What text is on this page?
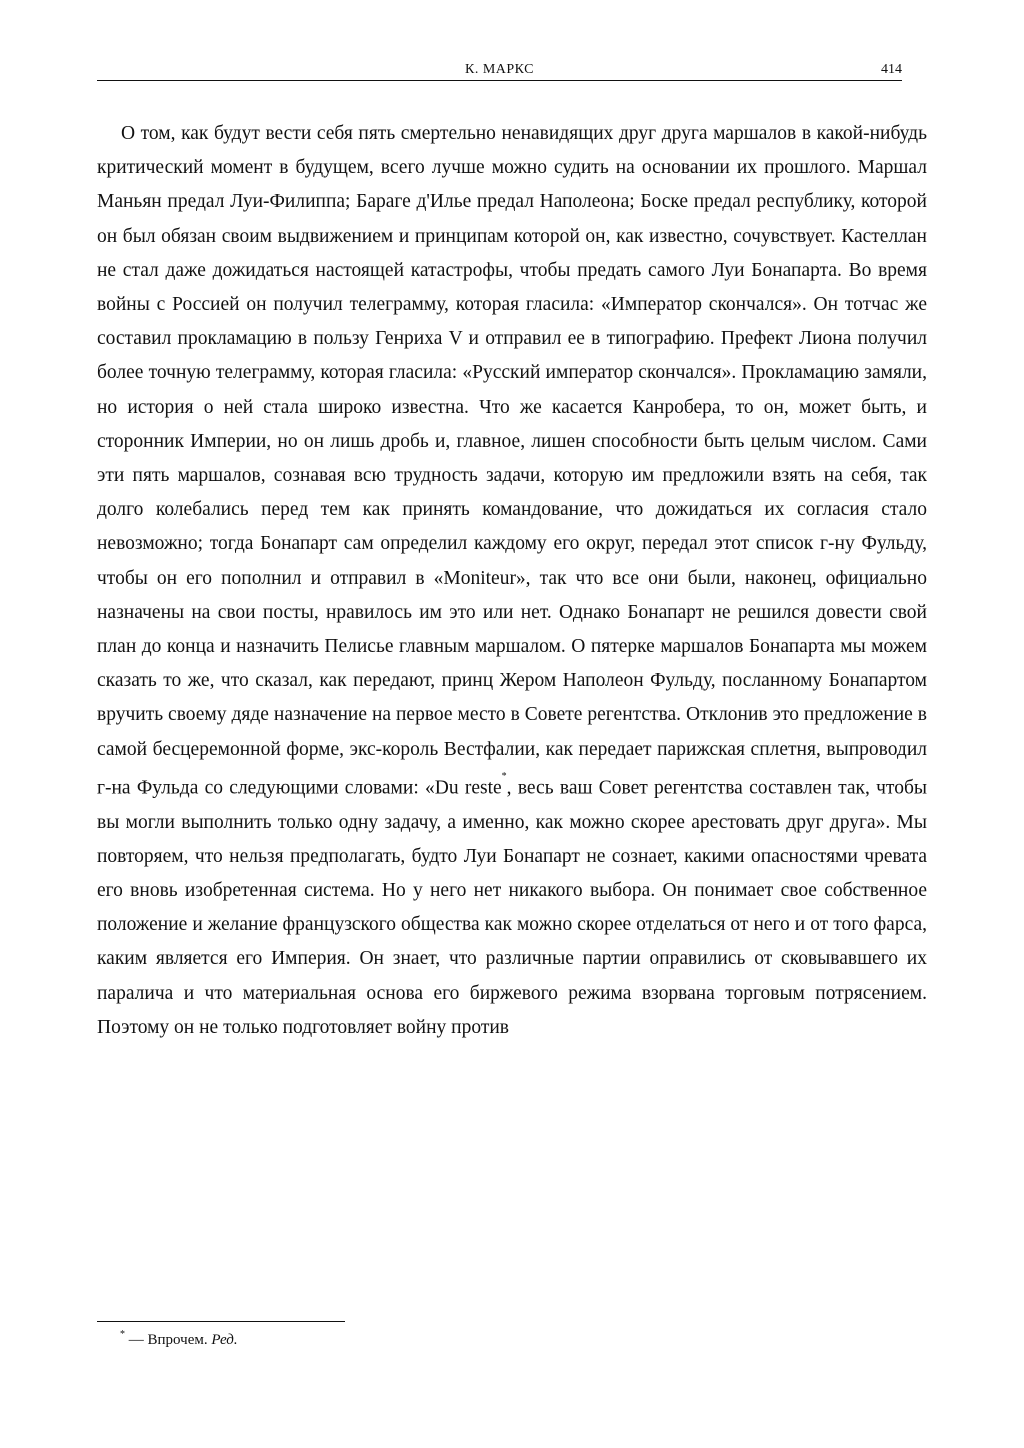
К. МАРКС	414

О том, как будут вести себя пять смертельно ненавидящих друг друга маршалов в какой-нибудь критический момент в будущем, всего лучше можно судить на основании их прошлого. Маршал Маньян предал Луи-Филиппа; Бараге д'Илье предал Наполеона; Боске предал республику, которой он был обязан своим выдвижением и принципам которой он, как известно, сочувствует. Кастеллан не стал даже дожидаться настоящей катастрофы, чтобы предать самого Луи Бонапарта. Во время войны с Россией он получил телеграмму, которая гласила: «Император скончался». Он тотчас же составил прокламацию в пользу Генриха V и отправил ее в типографию. Префект Лиона получил более точную телеграмму, которая гласила: «Русский император скончался». Прокламацию замяли, но история о ней стала широко известна. Что же касается Канробера, то он, может быть, и сторонник Империи, но он лишь дробь и, главное, лишен способности быть целым числом. Сами эти пять маршалов, сознавая всю трудность задачи, которую им предложили взять на себя, так долго колебались перед тем как принять командование, что дожидаться их согласия стало невозможно; тогда Бонапарт сам определил каждому его округ, передал этот список г-ну Фульду, чтобы он его пополнил и отправил в «Moniteur», так что все они были, наконец, официально назначены на свои посты, нравилось им это или нет. Однако Бонапарт не решился довести свой план до конца и назначить Пелисье главным маршалом. О пятерке маршалов Бонапарта мы можем сказать то же, что сказал, как передают, принц Жером Наполеон Фульду, посланному Бонапартом вручить своему дяде назначение на первое место в Совете регентства. Отклонив это предложение в самой бесцеремонной форме, экс-король Вестфалии, как передает парижская сплетня, выпроводил г-на Фульда со следующими словами: «Du reste*, весь ваш Совет регентства составлен так, чтобы вы могли выполнить только одну задачу, а именно, как можно скорее арестовать друг друга». Мы повторяем, что нельзя предполагать, будто Луи Бонапарт не сознает, какими опасностями чревата его вновь изобретенная система. Но у него нет никакого выбора. Он понимает свое собственное положение и желание французского общества как можно скорее отделаться от него и от того фарса, каким является его Империя. Он знает, что различные партии оправились от сковывавшего их паралича и что материальная основа его биржевого режима взорвана торговым потрясением. Поэтому он не только подготовляет войну против

* — Впрочем. Ред.
